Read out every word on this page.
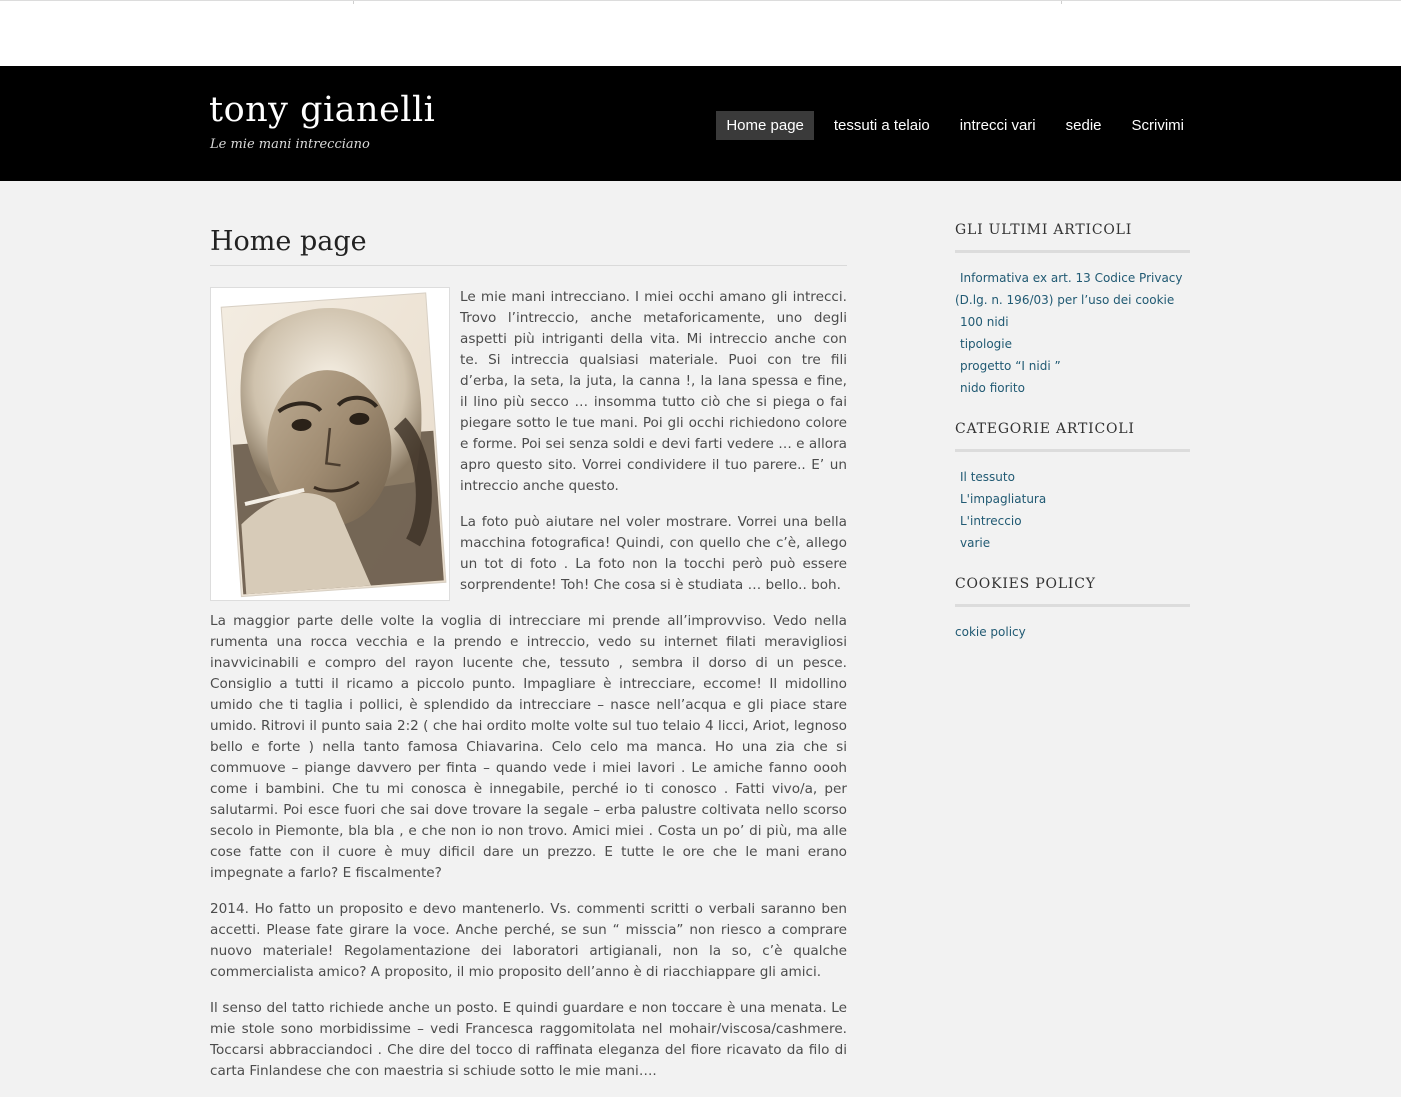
tony gianelli

Le mie mani intrecciano

Home page	tessuti a telaio	intrecci vari	sedie	Scrivimi
Home page

Le mie mani intrecciano. I miei occhi amano gli intrecci. Trovo l’intreccio, anche metaforicamente, uno degli aspetti più intriganti della vita. Mi intreccio anche con te. Si intreccia qualsiasi materiale. Puoi con tre fili d’erba, la seta, la juta, la canna !, la lana spessa e fine, il lino più secco … insomma tutto ciò che si piega o fai piegare sotto le tue mani. Poi gli occhi richiedono colore e forme. Poi sei senza soldi e devi farti vedere … e allora apro questo sito. Vorrei condividere il tuo parere.. E’ un intreccio anche questo.

La foto può aiutare nel voler mostrare. Vorrei una bella macchina fotografica! Quindi, con quello che c’è, allego un tot di foto . La foto non la tocchi però può essere sorprendente! Toh! Che cosa si è studiata … bello.. boh.

La maggior parte delle volte la voglia di intrecciare mi prende all’improvviso. Vedo nella rumenta una rocca vecchia e la prendo e intreccio, vedo su internet filati meravigliosi inavvicinabili e compro del rayon lucente che, tessuto , sembra il dorso di un pesce. Consiglio a tutti il ricamo a piccolo punto. Impagliare è intrecciare, eccome! Il midollino umido che ti taglia i pollici, è splendido da intrecciare – nasce nell’acqua e gli piace stare umido. Ritrovi il punto saia 2:2 ( che hai ordito molte volte sul tuo telaio 4 licci, Ariot, legnoso bello e forte ) nella tanto famosa Chiavarina. Celo celo ma manca. Ho una zia che si commuove – piange davvero per finta – quando vede i miei lavori . Le amiche fanno oooh come i bambini. Che tu mi conosca è innegabile, perché io ti conosco . Fatti vivo/a, per salutarmi. Poi esce fuori che sai dove trovare la segale – erba palustre coltivata nello scorso secolo in Piemonte, bla bla , e che non io non trovo. Amici miei . Costa un po’ di più, ma alle cose fatte con il cuore è muy dificil dare un prezzo. E tutte le ore che le mani erano impegnate a farlo? E fiscalmente?

2014. Ho fatto un proposito e devo mantenerlo. Vs. commenti scritti o verbali saranno ben accetti. Please fate girare la voce. Anche perché, se sun “ misscia” non riesco a comprare nuovo materiale! Regolamentazione dei laboratori artigianali, non la so, c’è qualche commercialista amico? A proposito, il mio proposito dell’anno è di riacchiappare gli amici.

Il senso del tatto richiede anche un posto. E quindi guardare e non toccare è una menata. Le mie stole sono morbidissime – vedi Francesca raggomitolata nel mohair/viscosa/cashmere. Toccarsi abbracciandoci . Che dire del tocco di raffinata eleganza del fiore ricavato da filo di carta Finlandese che con maestria si schiude sotto le mie mani….

GLI ULTIMI ARTICOLI
Informativa ex art. 13 Codice Privacy (D.lg. n. 196/03) per l’uso dei cookie
100 nidi
tipologie
progetto “I nidi ”
nido fiorito
CATEGORIE ARTICOLI
Il tessuto
L'impagliatura
L'intreccio
varie
COOKIES POLICY
cokie policy
